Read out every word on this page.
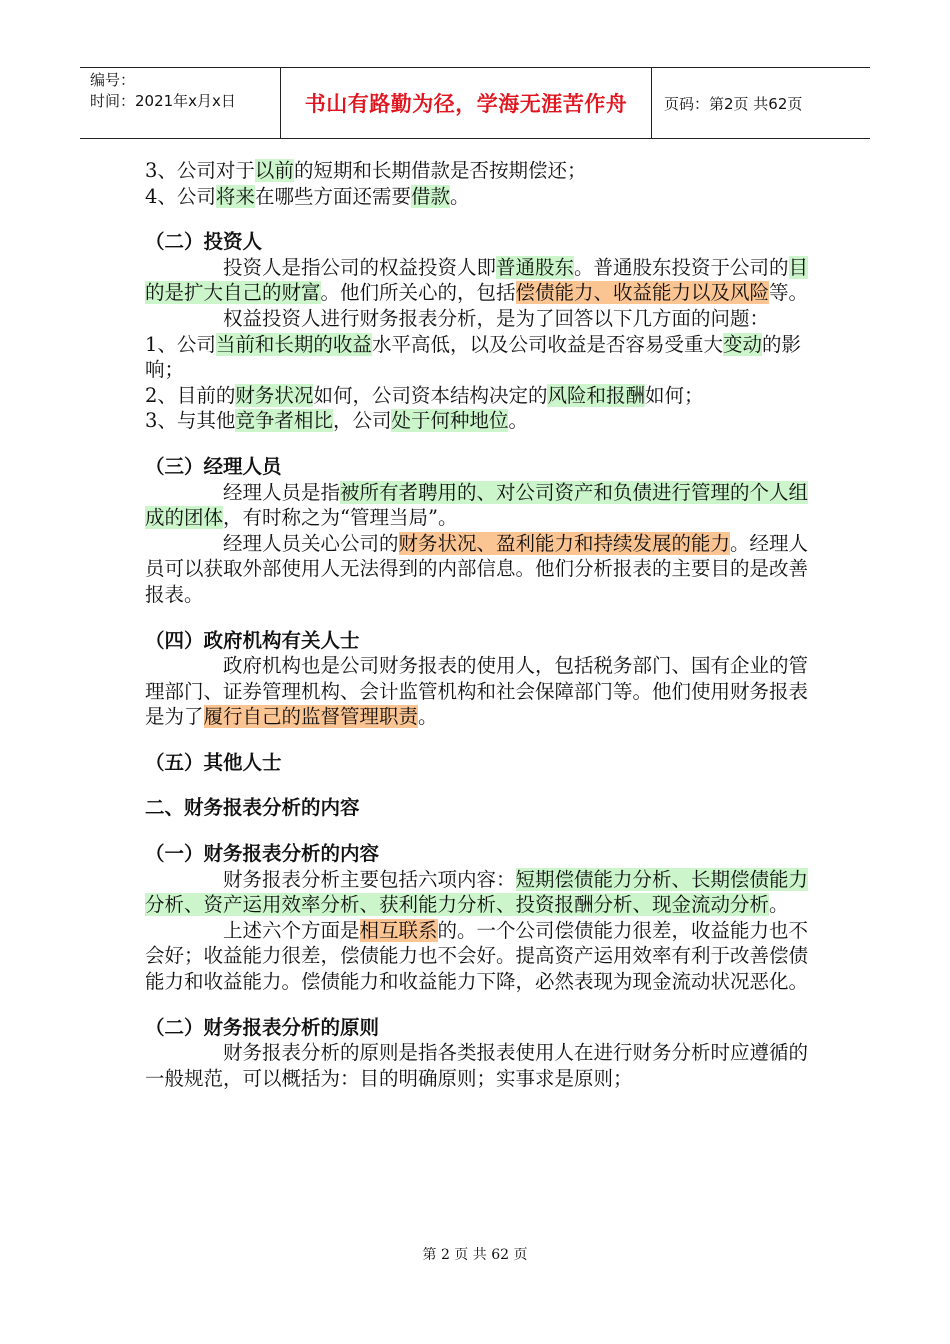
编号：
时间：2021年x月x日	书山有路勤为径，学海无涯苦作舟	页码：第2页 共62页

3、公司对于以前的短期和长期借款是否按期偿还；

4、公司将来在哪些方面还需要借款。

（二）投资人

投资人是指公司的权益投资人即普通股东。普通股东投资于公司的目的是扩大自己的财富。他们所关心的，包括偿债能力、收益能力以及风险等。

权益投资人进行财务报表分析，是为了回答以下几方面的问题：

1、公司当前和长期的收益水平高低，以及公司收益是否容易受重大变动的影响；

2、目前的财务状况如何，公司资本结构决定的风险和报酬如何；

3、与其他竞争者相比，公司处于何种地位。

（三）经理人员

经理人员是指被所有者聘用的、对公司资产和负债进行管理的个人组成的团体，有时称之为“管理当局”。

经理人员关心公司的财务状况、盈利能力和持续发展的能力。经理人员可以获取外部使用人无法得到的内部信息。他们分析报表的主要目的是改善报表。

（四）政府机构有关人士

政府机构也是公司财务报表的使用人，包括税务部门、国有企业的管理部门、证券管理机构、会计监管机构和社会保障部门等。他们使用财务报表是为了履行自己的监督管理职责。

（五）其他人士

二、财务报表分析的内容

（一）财务报表分析的内容

财务报表分析主要包括六项内容：短期偿债能力分析、长期偿债能力分析、资产运用效率分析、获利能力分析、投资报酬分析、现金流动分析。

上述六个方面是相互联系的。一个公司偿债能力很差，收益能力也不会好；收益能力很差，偿债能力也不会好。提高资产运用效率有利于改善偿债能力和收益能力。偿债能力和收益能力下降，必然表现为现金流动状况恶化。

（二）财务报表分析的原则

财务报表分析的原则是指各类报表使用人在进行财务分析时应遵循的一般规范，可以概括为：目的明确原则；实事求是原则；

第 2 页 共 62 页
